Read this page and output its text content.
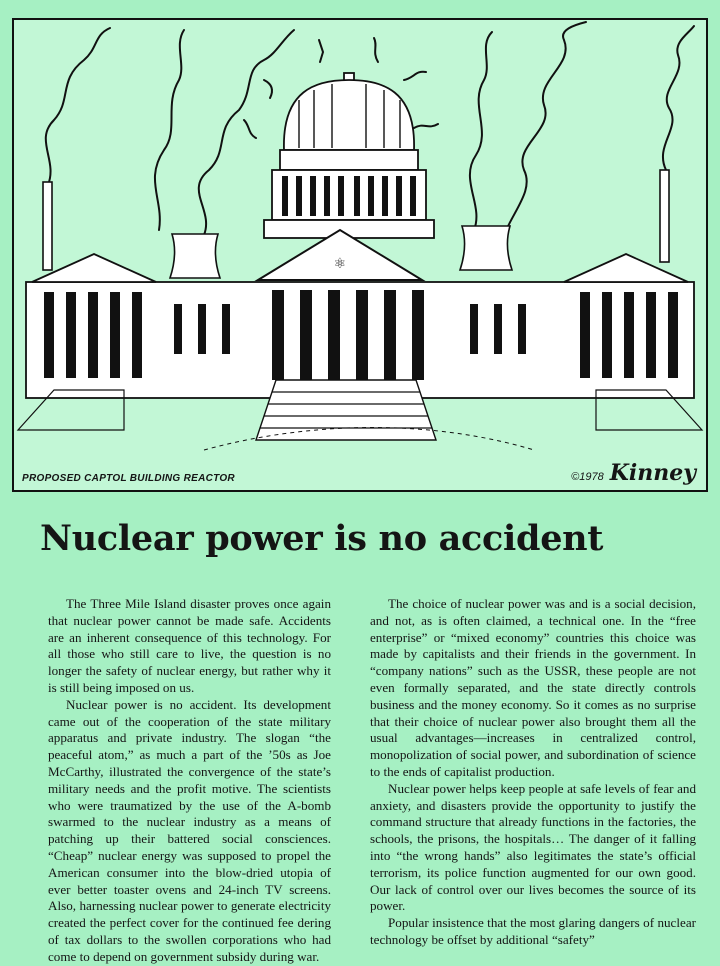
⚛
PROPOSED CAPTOL BUILDING REACTOR	©1978 Kinney
Nuclear power is no accident

The Three Mile Island disaster proves once again that nuclear power cannot be made safe. Accidents are an inherent consequence of this technology. For all those who still care to live, the question is no longer the safety of nuclear energy, but rather why it is still being imposed on us.

Nuclear power is no accident. Its development came out of the cooperation of the state military apparatus and private industry. The slogan “the peaceful atom,” as much a part of the ’50s as Joe McCarthy, illustrated the convergence of the state’s military needs and the profit motive. The scientists who were traumatized by the use of the A-bomb swarmed to the nuclear industry as a means of patching up their battered social consciences. “Cheap” nuclear energy was supposed to propel the American consumer into the blow-dried utopia of ever better toaster ovens and 24-inch TV screens. Also, harnessing nuclear power to generate electricity created the perfect cover for the continued fee dering of tax dollars to the swollen corporations who had come to depend on government subsidy during war.

The choice of nuclear power was and is a social decision, and not, as is often claimed, a technical one. In the “free enterprise” or “mixed economy” countries this choice was made by capitalists and their friends in the government. In “company nations” such as the USSR, these people are not even formally separated, and the state directly controls business and the money economy. So it comes as no surprise that their choice of nuclear power also brought them all the usual advantages—increases in centralized control, monopolization of social power, and subordination of science to the ends of capitalist production.

Nuclear power helps keep people at safe levels of fear and anxiety, and disasters provide the opportunity to justify the command structure that already functions in the factories, the schools, the prisons, the hospitals… The danger of it falling into “the wrong hands” also legitimates the state’s official terrorism, its police function augmented for our own good. Our lack of control over our lives becomes the source of its power.

Popular insistence that the most glaring dangers of nuclear technology be offset by additional “safety”
